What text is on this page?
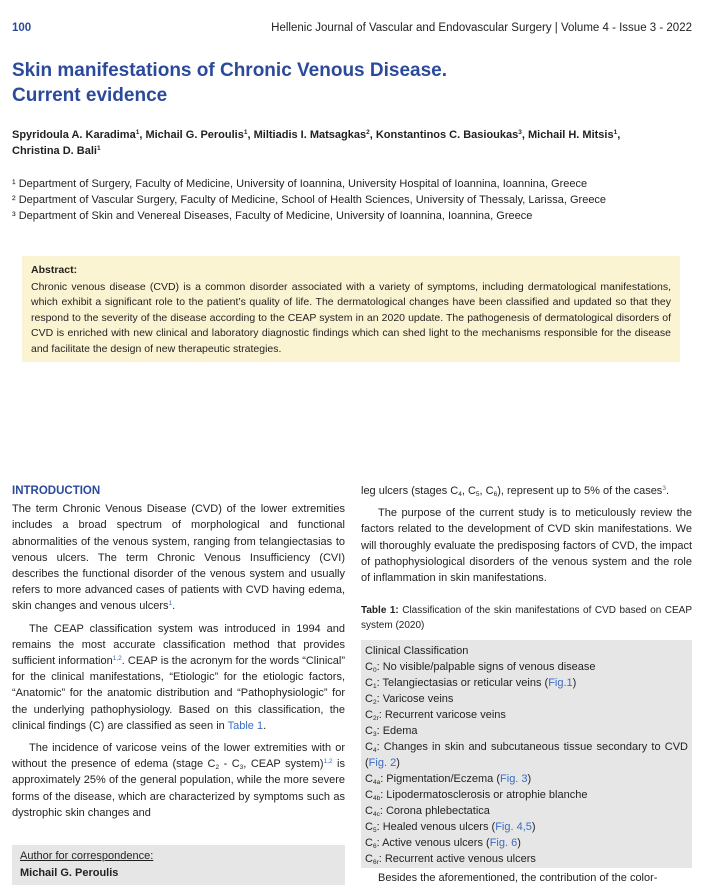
100	Hellenic Journal of Vascular and Endovascular Surgery | Volume 4 - Issue 3 - 2022
Skin manifestations of Chronic Venous Disease.
Current evidence
Spyridoula A. Karadima$^1$, Michail G. Peroulis$^1$, Miltiadis I. Matsagkas$^2$, Konstantinos C. Basioukas$^3$, Michail H. Mitsis$^1$,
Christina D. Bali$^1$
¹ Department of Surgery, Faculty of Medicine, University of Ioannina, University Hospital of Ioannina, Ioannina, Greece
² Department of Vascular Surgery, Faculty of Medicine, School of Health Sciences, University of Thessaly, Larissa, Greece
³ Department of Skin and Venereal Diseases, Faculty of Medicine, University of Ioannina, Ioannina, Greece
Abstract:
Chronic venous disease (CVD) is a common disorder associated with a variety of symptoms, including dermatological manifestations, which exhibit a significant role to the patient’s quality of life. The dermatological changes have been classified and updated so that they respond to the severity of the disease according to the CEAP system in an 2020 update. The pathogenesis of dermatological disorders of CVD is enriched with new clinical and laboratory diagnostic findings which can shed light to the mechanisms responsible for the disease and facilitate the design of new therapeutic strategies.
INTRODUCTION

The term Chronic Venous Disease (CVD) of the lower extremities includes a broad spectrum of morphological and functional abnormalities of the venous system, ranging from telangiectasias to venous ulcers. The term Chronic Venous Insufficiency (CVI) describes the functional disorder of the venous system and usually refers to more advanced cases of patients with CVD having edema, skin changes and venous ulcers$^1$.

The CEAP classification system was introduced in 1994 and remains the most accurate classification method that provides sufficient information$^{1,2}$. CEAP is the acronym for the words “Clinical” for the clinical manifestations, “Etiologic” for the etiologic factors, “Anatomic” for the anatomic distribution and “Pathophysiologic” for the underlying pathophysiology. Based on this classification, the clinical findings (C) are classified as seen in Table 1.

The incidence of varicose veins of the lower extremities with or without the presence of edema (stage $C_2 - C_3$, CEAP system)$^{1,2}$ is approximately 25% of the general population, while the more severe forms of the disease, which are characterized by symptoms such as dystrophic skin changes and

Author for correspondence:
Michail G. Peroulis

leg ulcers (stages $C_4$, $C_5$, $C_6$), represent up to 5% of the cases$^3$.

The purpose of the current study is to meticulously review the factors related to the development of CVD skin manifestations. We will thoroughly evaluate the predisposing factors of CVD, the impact of pathophysiological disorders of the venous system and the role of inflammation in skin manifestations.

Table 1: Classification of the skin manifestations of CVD based on CEAP system (2020)
Clinical Classification
$C_0$: No visible/palpable signs of venous disease
$C_1$: Telangiectasias or reticular veins (Fig.1)
$C_2$: Varicose veins
$C_{2r}$: Recurrent varicose veins
$C_3$: Edema
$C_4$: Changes in skin and subcutaneous tissue secondary to CVD (Fig. 2)
$C_{4a}$: Pigmentation/Eczema (Fig. 3)
$C_{4b}$: Lipodermatosclerosis or atrophie blanche
$C_{4c}$: Corona phlebectatica
$C_5$: Healed venous ulcers (Fig. 4,5)
$C_6$: Active venous ulcers (Fig. 6)
$C_{6r}$: Recurrent active venous ulcers
Besides the aforementioned, the contribution of the color-
